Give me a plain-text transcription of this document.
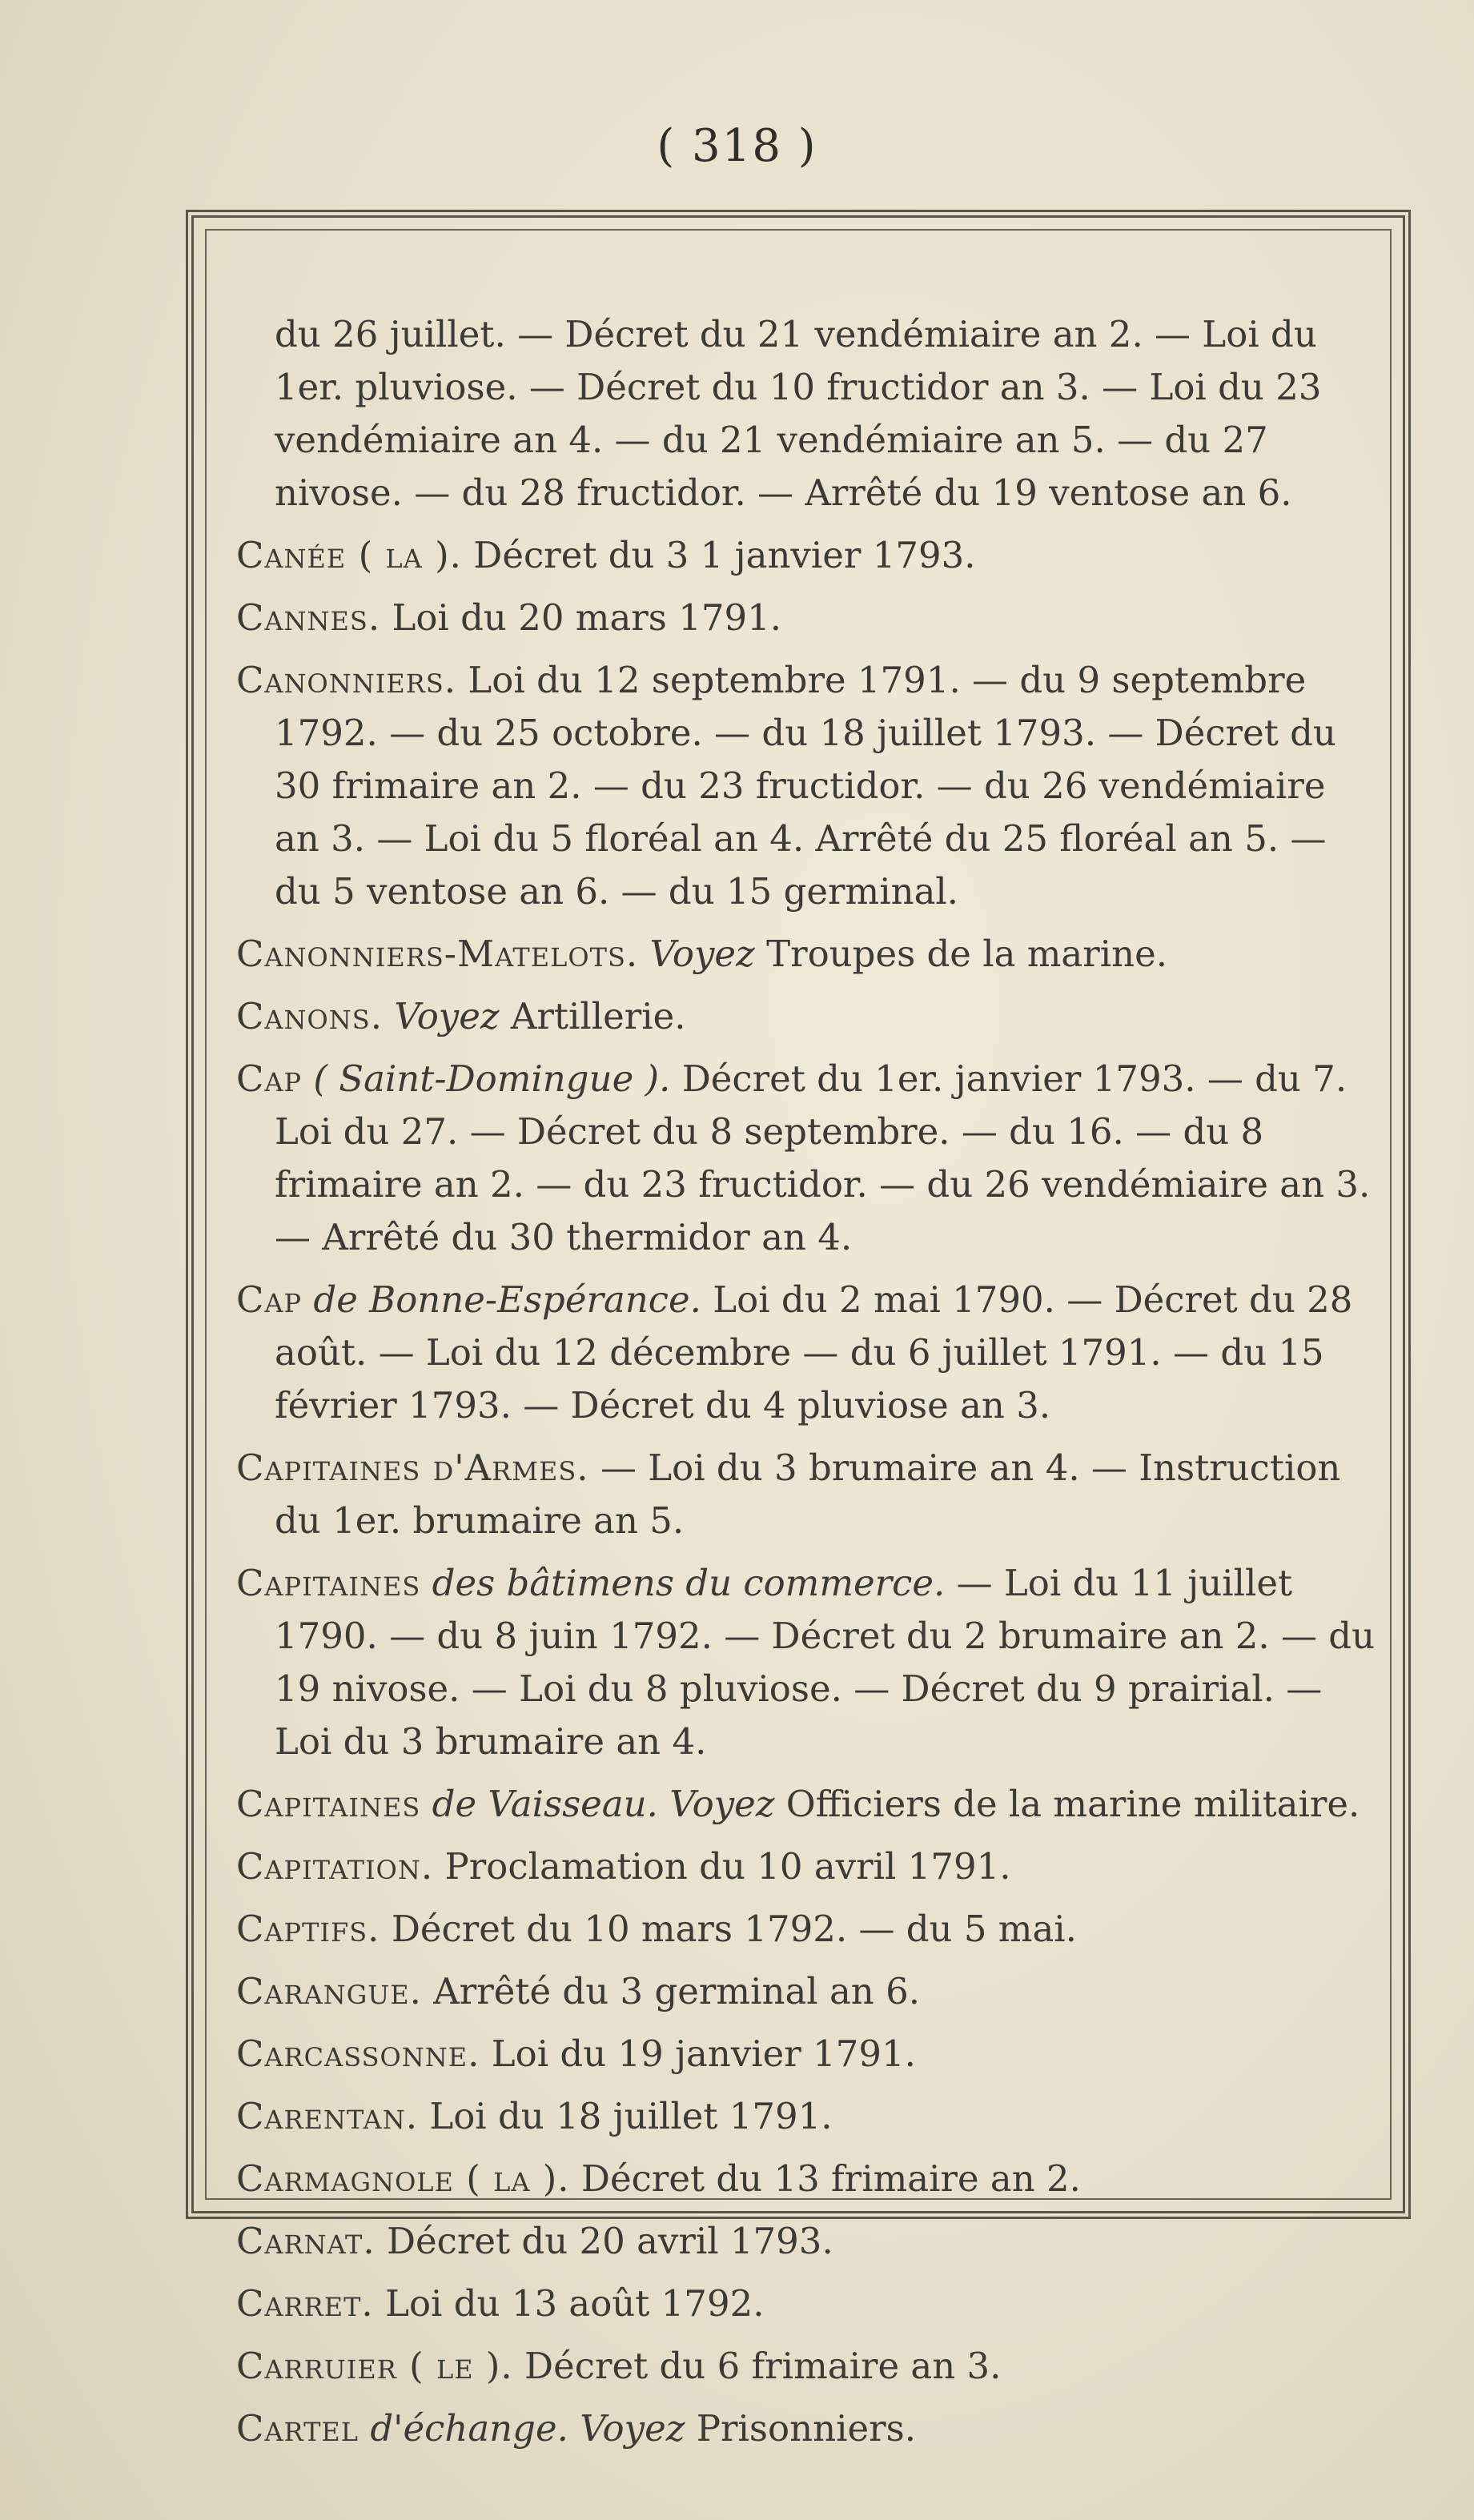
( 318 )
du 26 juillet. — Décret du 21 vendémiaire an 2. — Loi du 1er. pluviose. — Décret du 10 fructidor an 3. — Loi du 23 vendémiaire an 4. — du 21 vendémiaire an 5. — du 27 nivose. — du 28 fructidor. — Arrêté du 19 ventose an 6.
Canée ( la ). Décret du 3 1 janvier 1793.
Cannes. Loi du 20 mars 1791.
Canonniers. Loi du 12 septembre 1791. — du 9 septembre 1792. — du 25 octobre. — du 18 juillet 1793. — Décret du 30 frimaire an 2. — du 23 fructidor. — du 26 vendémiaire an 3. — Loi du 5 floréal an 4. Arrêté du 25 floréal an 5. — du 5 ventose an 6. — du 15 germinal.
Canonniers-Matelots. Voyez Troupes de la marine.
Canons. Voyez Artillerie.
Cap ( Saint-Domingue ). Décret du 1er. janvier 1793. — du 7. Loi du 27. — Décret du 8 septembre. — du 16. — du 8 frimaire an 2. — du 23 fructidor. — du 26 vendémiaire an 3. — Arrêté du 30 thermidor an 4.
Cap de Bonne-Espérance. Loi du 2 mai 1790. — Décret du 28 août. — Loi du 12 décembre — du 6 juillet 1791. — du 15 février 1793. — Décret du 4 pluviose an 3.
Capitaines d'Armes. — Loi du 3 brumaire an 4. — Instruction du 1er. brumaire an 5.
Capitaines des bâtimens du commerce. — Loi du 11 juillet 1790. — du 8 juin 1792. — Décret du 2 brumaire an 2. — du 19 nivose. — Loi du 8 pluviose. — Décret du 9 prairial. — Loi du 3 brumaire an 4.
Capitaines de Vaisseau. Voyez Officiers de la marine militaire.
Capitation. Proclamation du 10 avril 1791.
Captifs. Décret du 10 mars 1792. — du 5 mai.
Carangue. Arrêté du 3 germinal an 6.
Carcassonne. Loi du 19 janvier 1791.
Carentan. Loi du 18 juillet 1791.
Carmagnole ( la ). Décret du 13 frimaire an 2.
Carnat. Décret du 20 avril 1793.
Carret. Loi du 13 août 1792.
Carruier ( le ). Décret du 6 frimaire an 3.
Cartel d'échange. Voyez Prisonniers.
